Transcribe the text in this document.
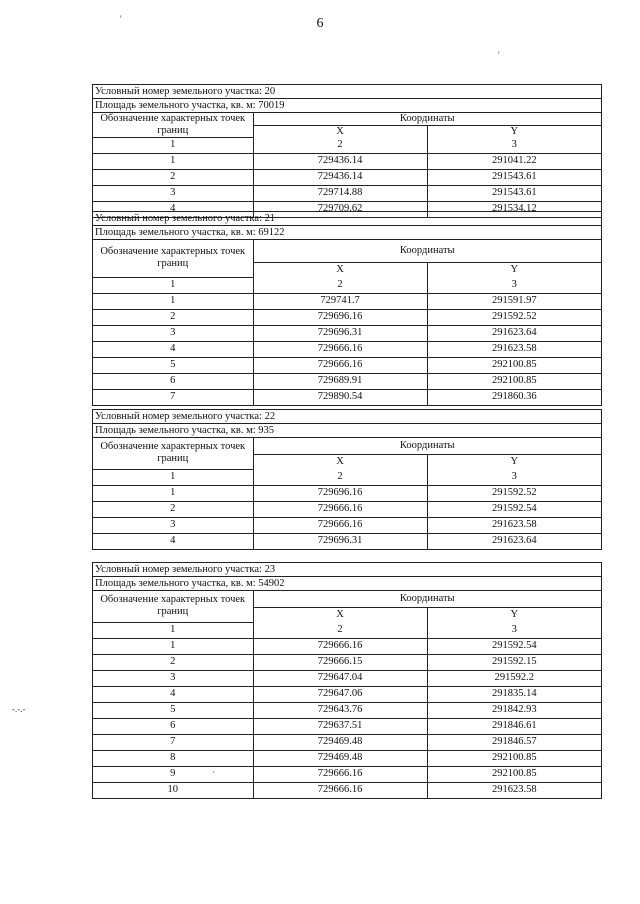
6
'
'
`
-.-.-
Условный номер земельного участка: 20
Площадь земельного участка, кв. м: 70019
Обозначение характерных точек границ	Координаты	
	X	Y
1	2	3
1	729436.14	291041.22
2	729436.14	291543.61
3	729714.88	291543.61
4	729709.62	291534.12
Условный номер земельного участка: 21
Площадь земельного участка, кв. м: 69122
Обозначение характерных точек границ	Координаты	
	X	Y
1	2	3
1	729741.7	291591.97
2	729696.16	291592.52
3	729696.31	291623.64
4	729666.16	291623.58
5	729666.16	292100.85
6	729689.91	292100.85
7	729890.54	291860.36
Условный номер земельного участка: 22
Площадь земельного участка, кв. м: 935
Обозначение характерных точек границ	Координаты	
	X	Y
1	2	3
1	729696.16	291592.52
2	729666.16	291592.54
3	729666.16	291623.58
4	729696.31	291623.64
Условный номер земельного участка: 23
Площадь земельного участка, кв. м: 54902
Обозначение характерных точек границ	Координаты	
	X	Y
1	2	3
1	729666.16	291592.54
2	729666.15	291592.15
3	729647.04	291592.2
4	729647.06	291835.14
5	729643.76	291842.93
6	729637.51	291846.61
7	729469.48	291846.57
8	729469.48	292100.85
9	729666.16	292100.85
10	729666.16	291623.58
